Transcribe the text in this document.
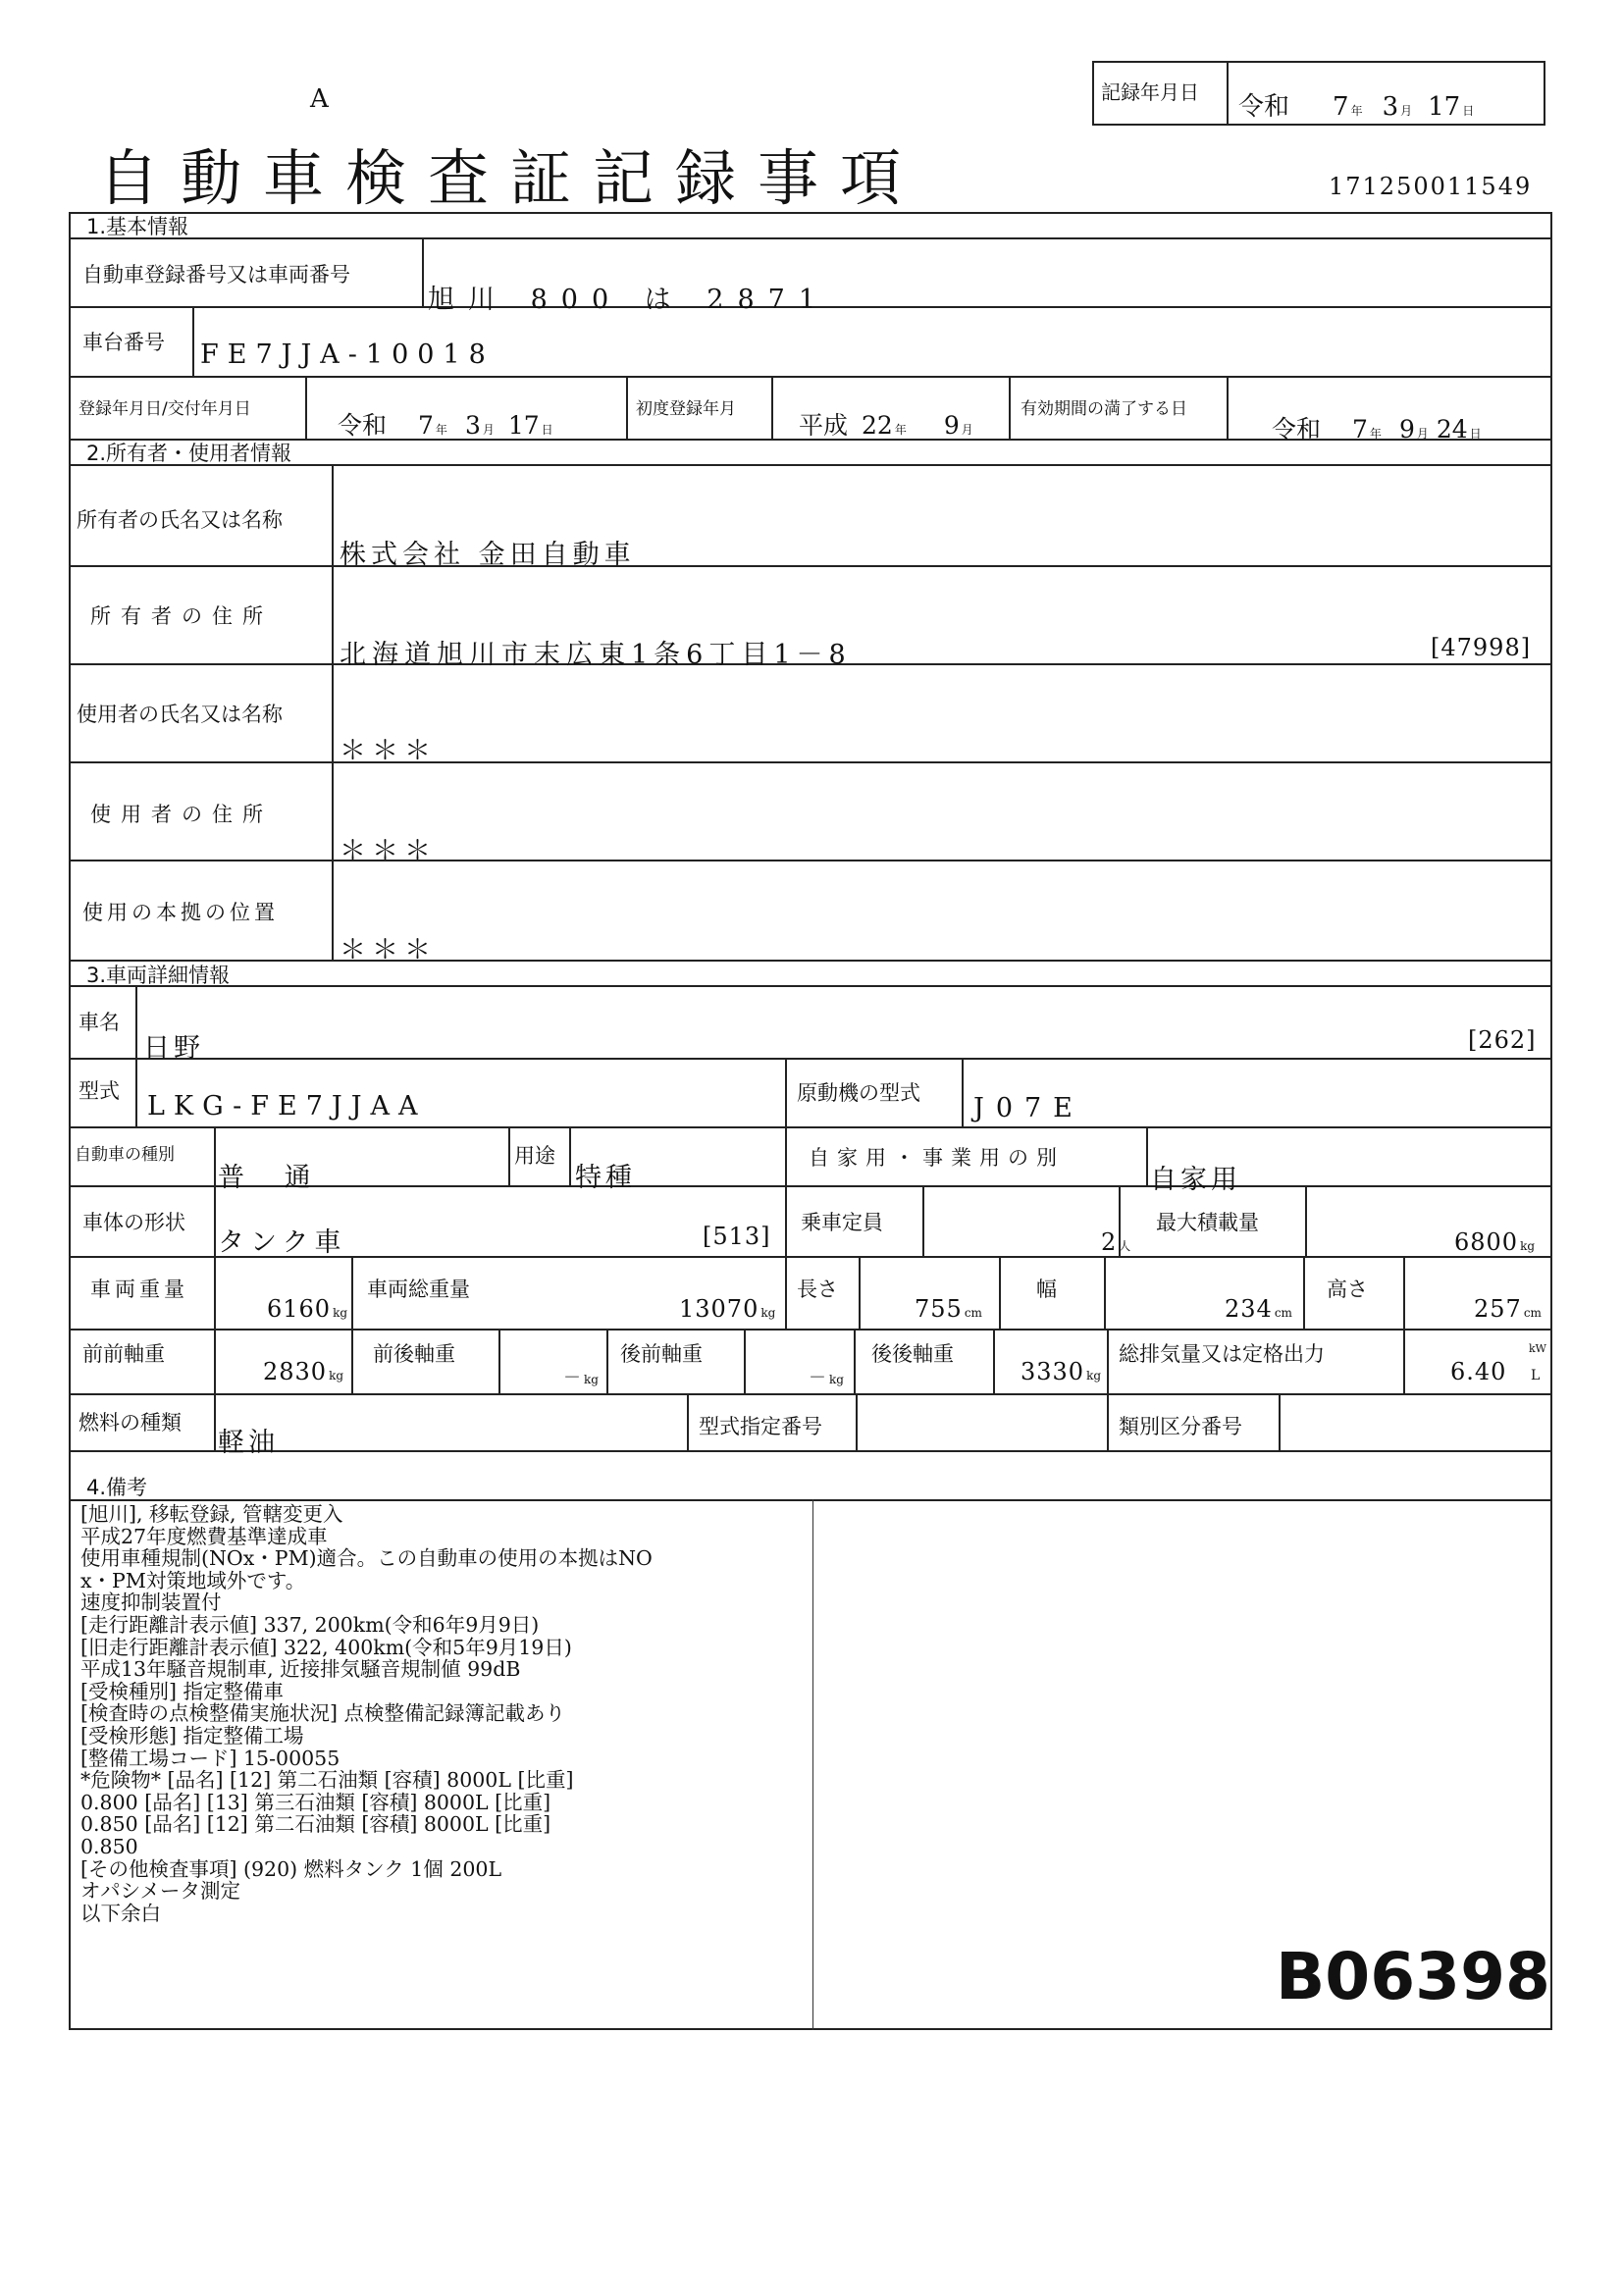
A
自動車検査証記録事項
記録年月日 令和 7 年 3 月 17 日
171250011549
1.基本情報
自動車登録番号又は車両番号
旭川 800 は 2871
車台番号 FE7JJA-10018
登録年月日/交付年月日
令和 7 年 3 月 17 日
初度登録年月
平成 22 年 9 月
有効期間の満了する日
令和 7 年 9 月 24 日
2.所有者・使用者情報
所有者の氏名又は名称
株式会社 金田自動車
所有者の住所
北海道旭川市末広東1条6丁目1－8	[47998]
使用者の氏名又は名称
＊＊＊
使用者の住所
＊＊＊
使用の本拠の位置
＊＊＊
3.車両詳細情報
車名
日野	[262]
型式 LKG-FE7JJAA	原動機の型式 J07E
自動車の種別
普 通
用途
特種
自家用・事業用の別
自家用
車体の形状
タンク車	[513] 乗車定員
2 人
最大積載量
6800 kg
車両重量
6160 kg
車両総重量
13070 kg
長さ
755 cm
幅
234 cm
高さ
257 cm
前前軸重
2830 kg
前後軸重
－ kg
後前軸重
－ kg
後後軸重
3330 kg
総排気量又は定格出力
6.40
kW
L
燃料の種類
軽油
型式指定番号	類別区分番号
4.備考
[旭川], 移転登録, 管轄変更入
平成27年度燃費基準達成車
使用車種規制(NOx・PM)適合。この自動車の使用の本拠はNO
x・PM対策地域外です。
速度抑制装置付
[走行距離計表示値] 337, 200km(令和6年9月9日)
[旧走行距離計表示値] 322, 400km(令和5年9月19日)
平成13年騒音規制車, 近接排気騒音規制値 99dB
[受検種別] 指定整備車
[検査時の点検整備実施状況] 点検整備記録簿記載あり
[受検形態] 指定整備工場
[整備工場コード] 15-00055
*危険物* [品名] [12] 第二石油類 [容積] 8000L [比重]
0.800 [品名] [13] 第三石油類 [容積] 8000L [比重]
0.850 [品名] [12] 第二石油類 [容積] 8000L [比重]
0.850
[その他検査事項] (920) 燃料タンク 1個 200L
オパシメータ測定
以下余白
B06398
